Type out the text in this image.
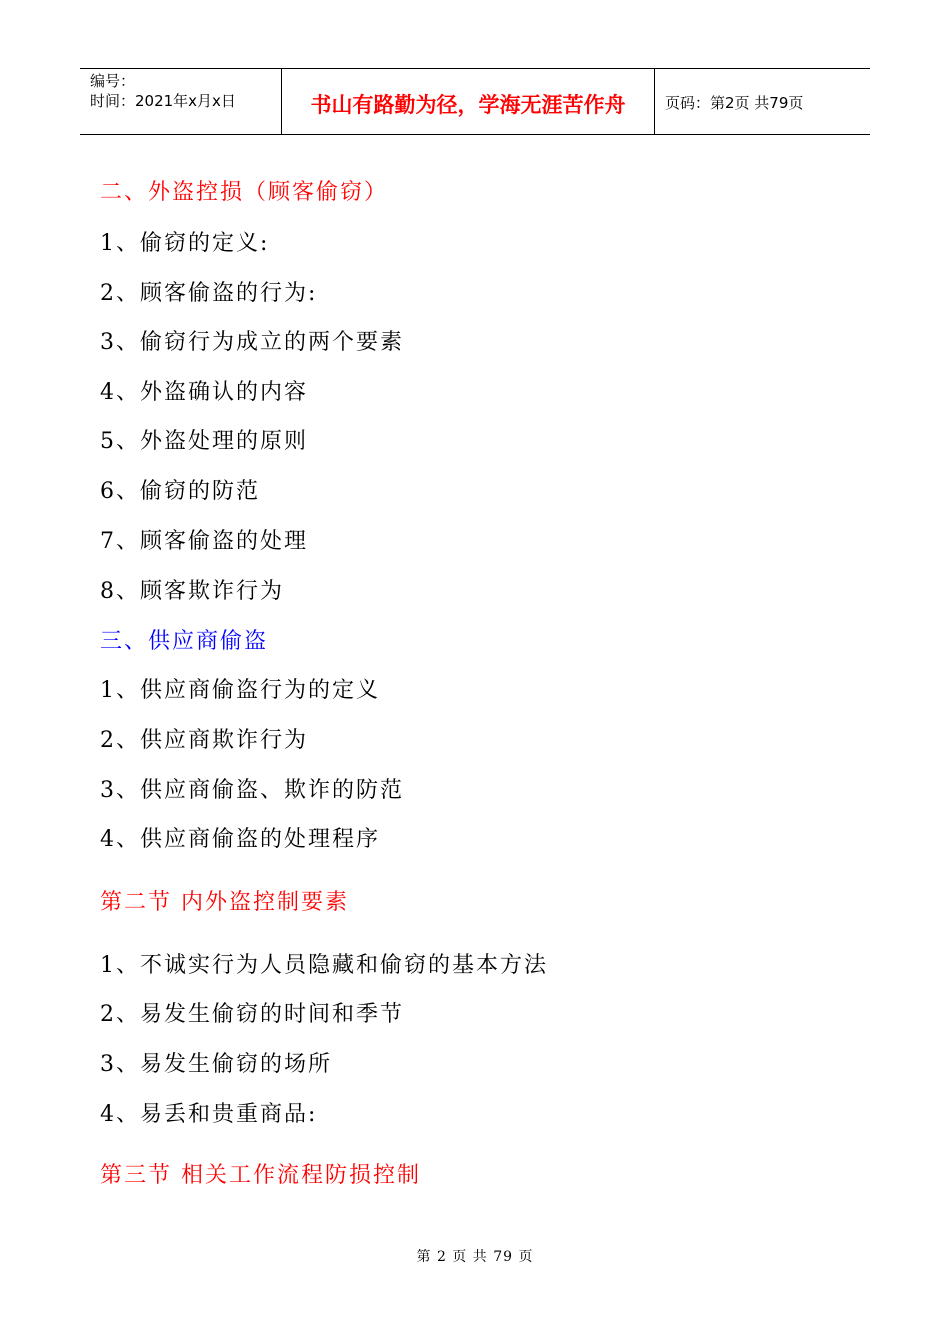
编号：
时间：2021年x月x日	书山有路勤为径，学海无涯苦作舟	页码：第2页 共79页
二、外盗控损（顾客偷窃）
1、偷窃的定义:
2、顾客偷盗的行为:
3、偷窃行为成立的两个要素
4、外盗确认的内容
5、外盗处理的原则
6、偷窃的防范
7、顾客偷盗的处理
8、顾客欺诈行为
三、供应商偷盗
1、供应商偷盗行为的定义
2、供应商欺诈行为
3、供应商偷盗、欺诈的防范
4、供应商偷盗的处理程序
第二节 内外盗控制要素
1、不诚实行为人员隐藏和偷窃的基本方法
2、易发生偷窃的时间和季节
3、易发生偷窃的场所
4、易丢和贵重商品:
第三节 相关工作流程防损控制
第 2 页 共 79 页
